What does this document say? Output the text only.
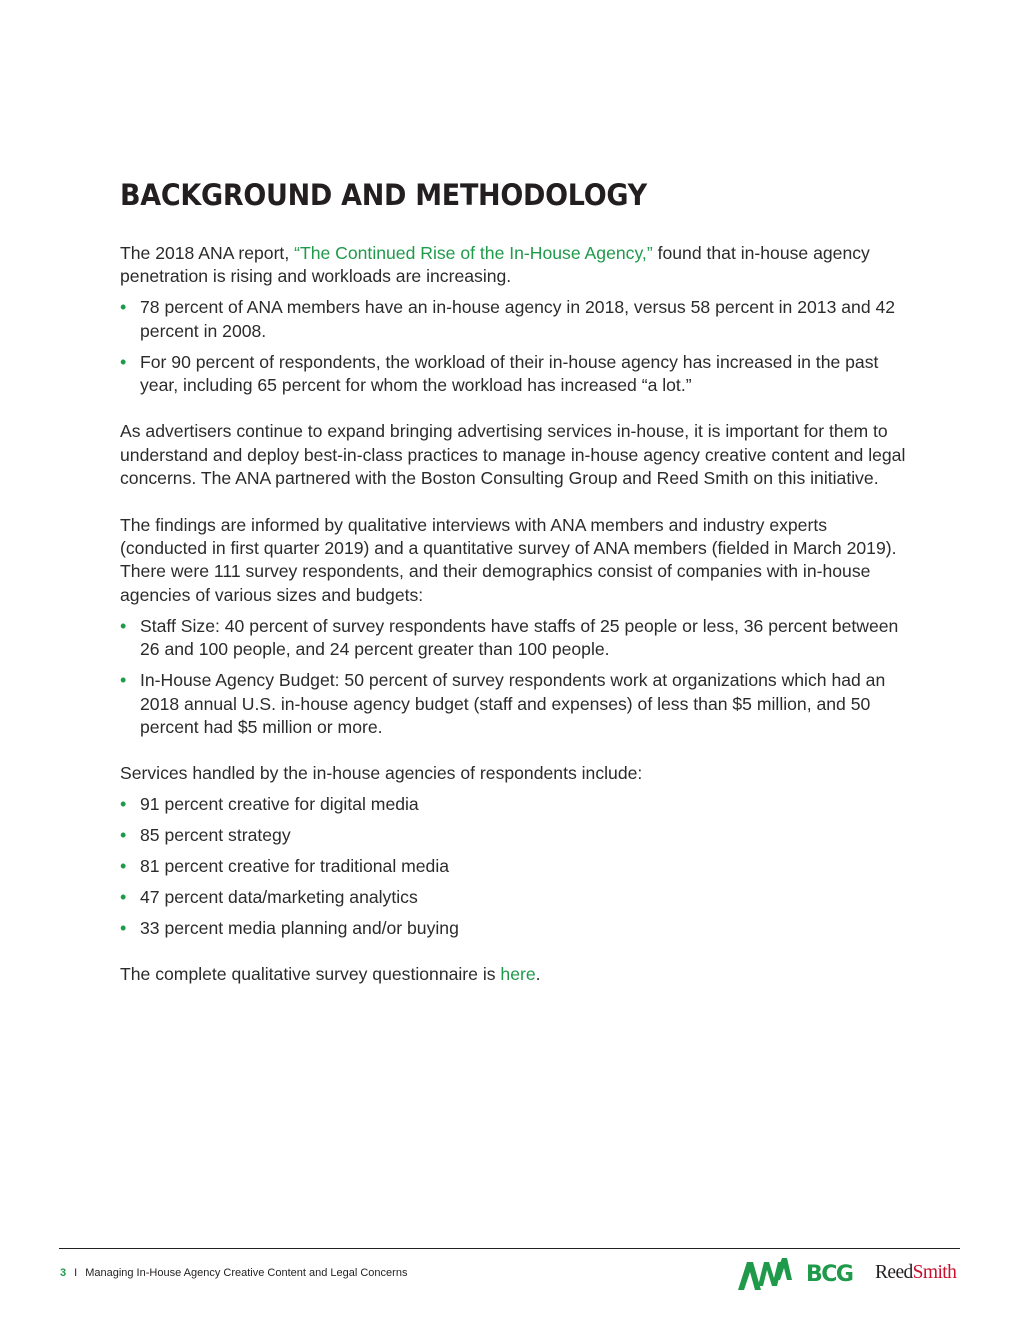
BACKGROUND AND METHODOLOGY

The 2018 ANA report, “The Continued Rise of the In-House Agency,” found that in-house agency penetration is rising and workloads are increasing.

• 78 percent of ANA members have an in-house agency in 2018, versus 58 percent in 2013 and 42 percent in 2008.
• For 90 percent of respondents, the workload of their in-house agency has increased in the past year, including 65 percent for whom the workload has increased “a lot.”

As advertisers continue to expand bringing advertising services in-house, it is important for them to understand and deploy best-in-class practices to manage in-house agency creative content and legal concerns. The ANA partnered with the Boston Consulting Group and Reed Smith on this initiative.

The findings are informed by qualitative interviews with ANA members and industry experts (conducted in first quarter 2019) and a quantitative survey of ANA members (fielded in March 2019). There were 111 survey respondents, and their demographics consist of companies with in-house agencies of various sizes and budgets:

• Staff Size: 40 percent of survey respondents have staffs of 25 people or less, 36 percent between 26 and 100 people, and 24 percent greater than 100 people.
• In-House Agency Budget: 50 percent of survey respondents work at organizations which had an 2018 annual U.S. in-house agency budget (staff and expenses) of less than $5 million, and 50 percent had $5 million or more.

Services handled by the in-house agencies of respondents include:

• 91 percent creative for digital media
• 85 percent strategy
• 81 percent creative for traditional media
• 47 percent data/marketing analytics
• 33 percent media planning and/or buying

The complete qualitative survey questionnaire is here.

3 I Managing In-House Agency Creative Content and Legal Concerns	BCG ReedSmith
